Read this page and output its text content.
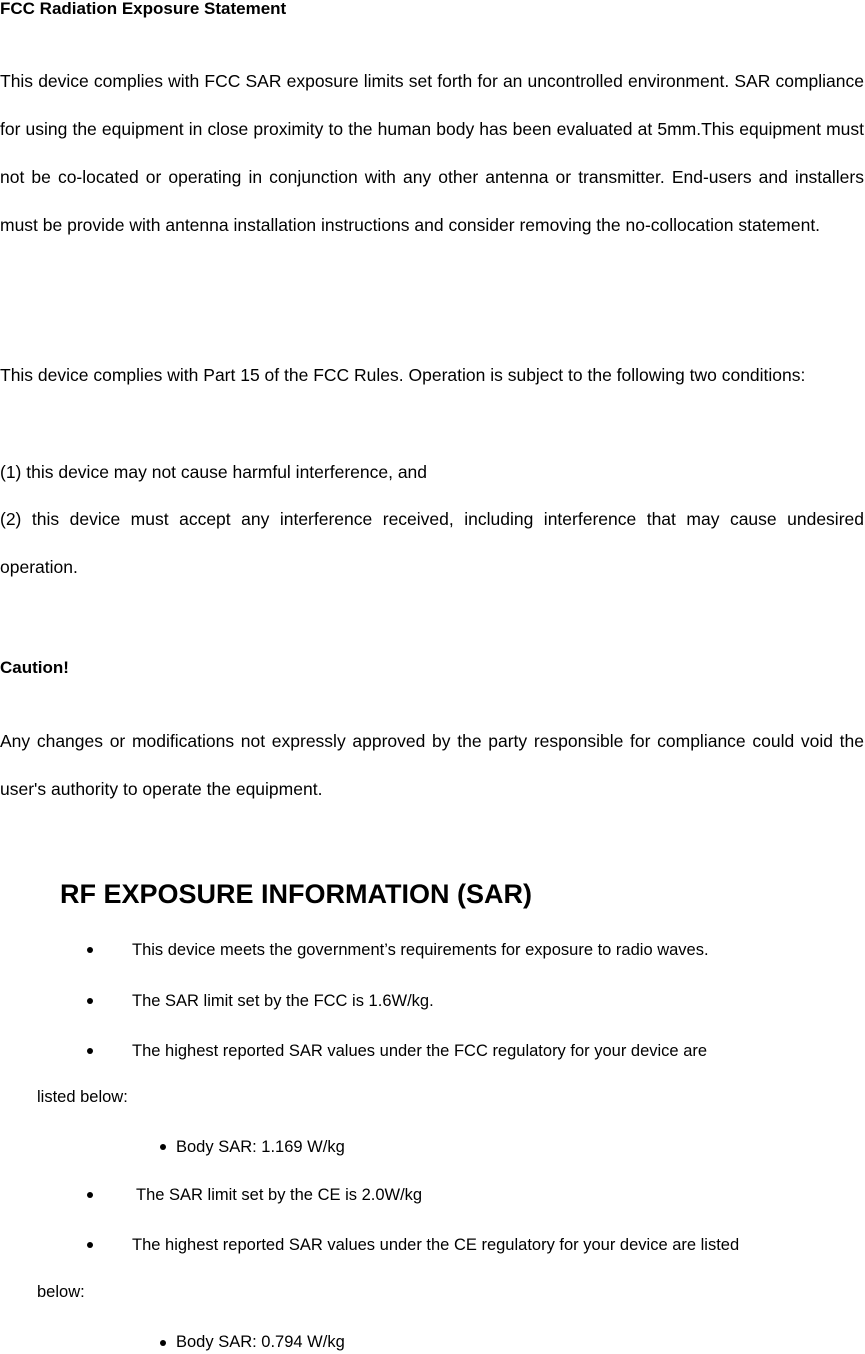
FCC Radiation Exposure Statement
This device complies with FCC SAR exposure limits set forth for an uncontrolled environment. SAR compliance for using the equipment in close proximity to the human body has been evaluated at 5mm.This equipment must not be co-located or operating in conjunction with any other antenna or transmitter. End-users and installers must be provide with antenna installation instructions and consider removing the no-collocation statement.
This device complies with Part 15 of the FCC Rules. Operation is subject to the following two conditions:
(1) this device may not cause harmful interference, and
(2) this device must accept any interference received, including interference that may cause undesired operation.
Caution!
Any changes or modifications not expressly approved by the party responsible for compliance could void the user's authority to operate the equipment.
RF EXPOSURE INFORMATION (SAR)
This device meets the government’s requirements for exposure to radio waves.
The SAR limit set by the FCC is 1.6W/kg.
The highest reported SAR values under the FCC regulatory for your device are
listed below:
Body SAR: 1.169 W/kg
The SAR limit set by the CE is 2.0W/kg
The highest reported SAR values under the CE regulatory for your device are listed
below:
Body SAR: 0.794 W/kg
